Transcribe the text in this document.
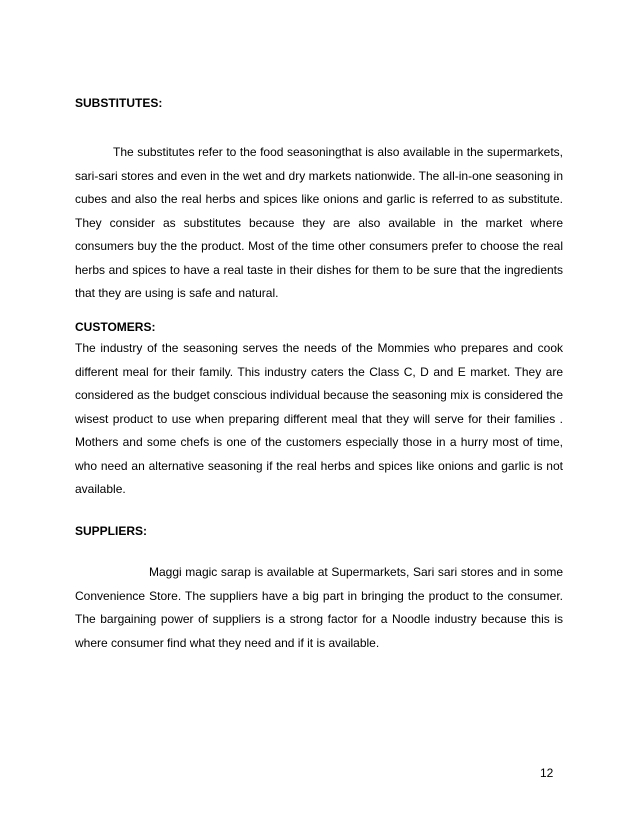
SUBSTITUTES:

The substitutes refer to the food seasoningthat is also available in the supermarkets, sari-sari stores and even in the wet and dry markets nationwide. The all-in-one seasoning in cubes and also the real herbs and spices like onions and garlic is referred to as substitute. They consider as substitutes because they are also available in the market where consumers buy the the product. Most of the time other consumers prefer to choose the real herbs and spices to have a real taste in their dishes for them to be sure that the ingredients that they are using is safe and natural.

CUSTOMERS:

The industry of the seasoning serves the needs of the Mommies who prepares and cook different meal for their family. This industry caters the Class C, D and E market. They are considered as the budget conscious individual because the seasoning mix is considered the wisest product to use when preparing different meal that they will serve for their families . Mothers and some chefs is one of the customers especially those in a hurry most of time, who need an alternative seasoning if the real herbs and spices like onions and garlic is not available.

SUPPLIERS:

Maggi magic sarap is available at Supermarkets, Sari sari stores and in some Convenience Store. The suppliers have a big part in bringing the product to the consumer. The bargaining power of suppliers is a strong factor for a Noodle industry because this is where consumer find what they need and if it is available.

12
